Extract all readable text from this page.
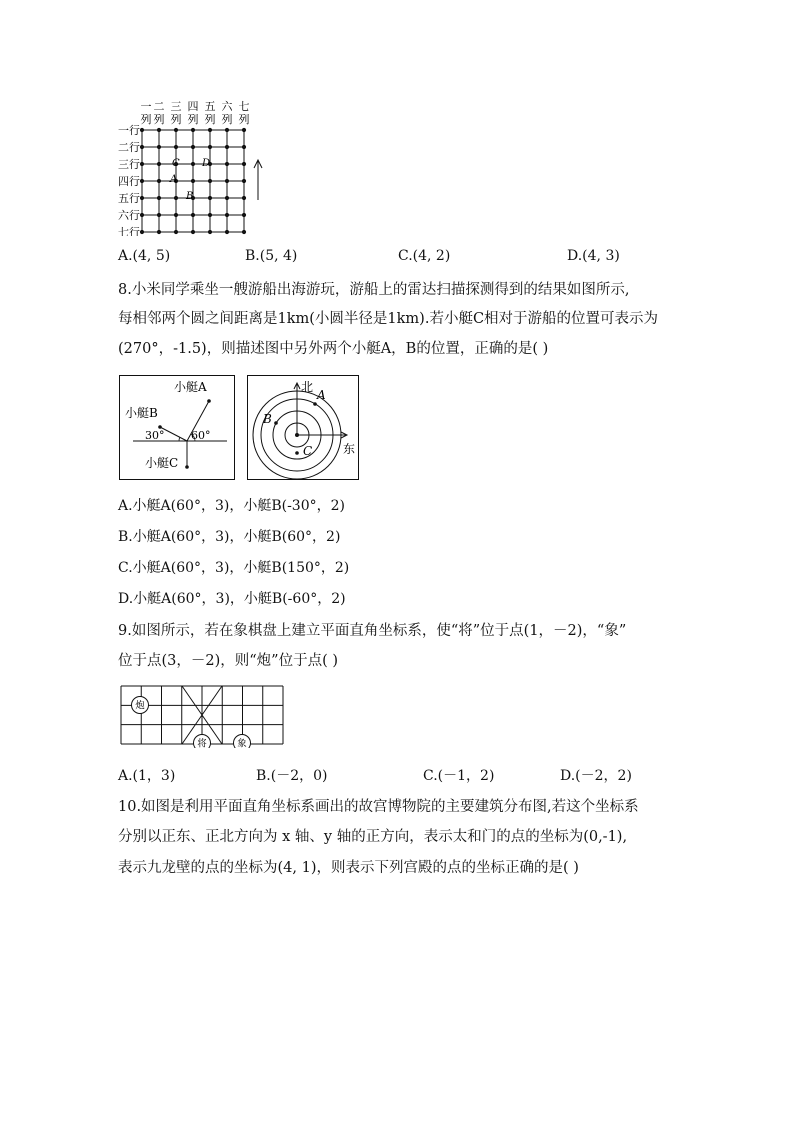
一 二
列
三
列
四
列
五
列
六
列
七
列
列
一行
二行
三行
四行
五行
六行
七行
C D
A
B
A.(4, 5)	B.(5, 4)	C.(4, 2)	D.(4, 3)
8.小米同学乘坐一艘游船出海游玩，游船上的雷达扫描探测得到的结果如图所示,
每相邻两个圆之间距离是1km(小圆半径是1km).若小艇C相对于游船的位置可表示为
(270°，-1.5)，则描述图中另外两个小艇A，B的位置，正确的是( )
小艇A
小艇B
30° 60°
小艇C
北
A
B
C	东
A.小艇A(60°，3)，小艇B(-30°，2)
B.小艇A(60°，3)，小艇B(60°，2)
C.小艇A(60°，3)，小艇B(150°，2)
D.小艇A(60°，3)，小艇B(-60°，2)
9.如图所示，若在象棋盘上建立平面直角坐标系，使“将”位于点(1，－2)，“象”
位于点(3，－2)，则“炮”位于点( )
炮
将	象
A.(1，3)	B.(－2，0)	C.(－1，2)	D.(－2，2)
10.如图是利用平面直角坐标系画出的故宫博物院的主要建筑分布图,若这个坐标系
分别以正东、正北方向为 x 轴、y 轴的正方向，表示太和门的点的坐标为(0,-1),
表示九龙壁的点的坐标为(4, 1)，则表示下列宫殿的点的坐标正确的是( )
